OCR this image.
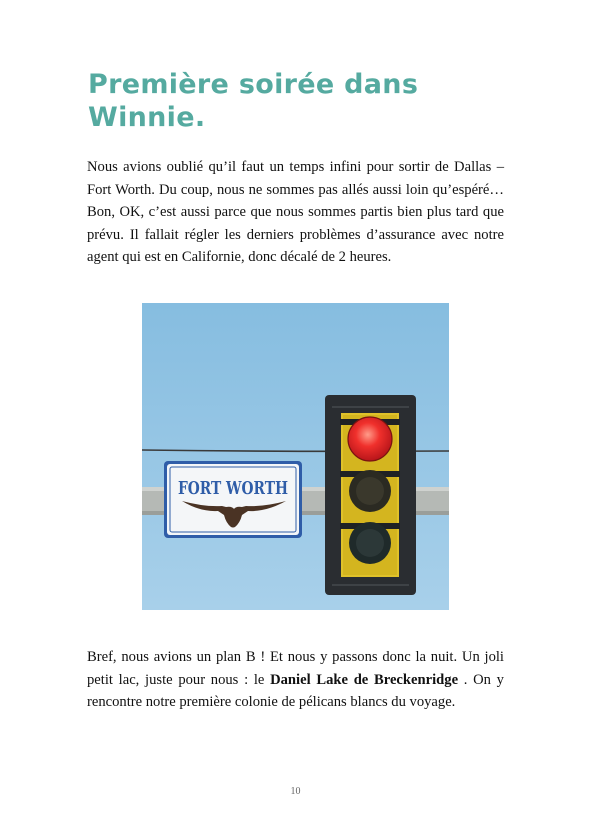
Première soirée dans Winnie.

Nous avions oublié qu’il faut un temps infini pour sortir de Dallas – Fort Worth. Du coup, nous ne sommes pas allés aussi loin qu’espéré… Bon, OK, c’est aussi parce que nous sommes partis bien plus tard que prévu. Il fallait régler les derniers problèmes d’assurance avec notre agent qui est en Californie, donc décalé de 2 heures.

FORT WORTH

Bref, nous avions un plan B ! Et nous y passons donc la nuit. Un joli petit lac, juste pour nous : le Daniel Lake de Breckenridge . On y rencontre notre première colonie de pélicans blancs du voyage.

10
